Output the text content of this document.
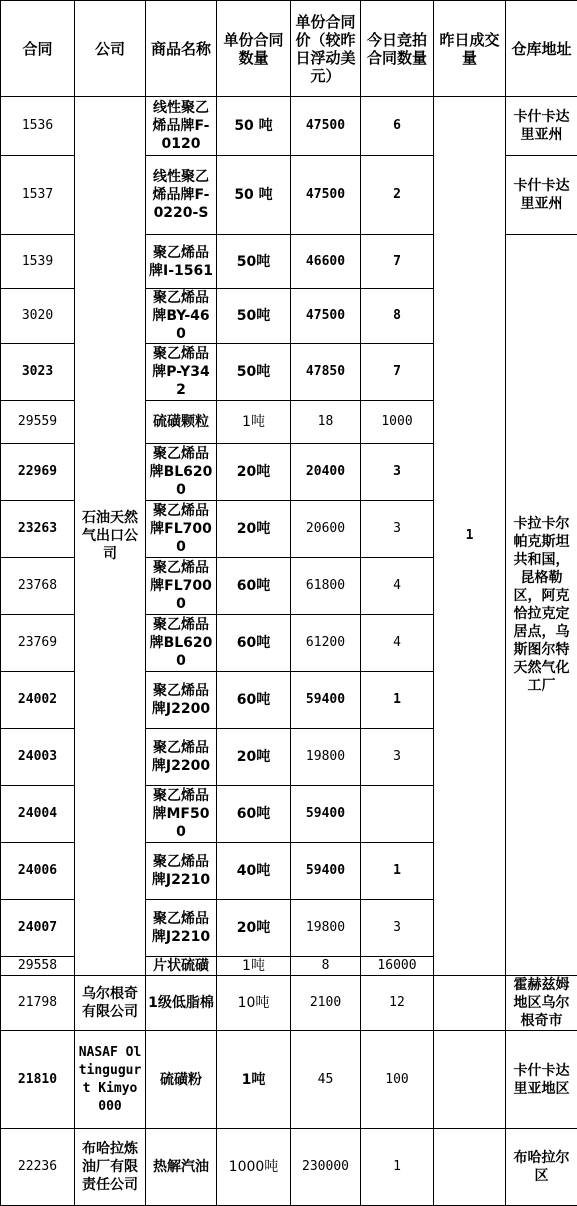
合同	公司	商品名称	单份合同数量	单份合同价（较昨日浮动美元）	今日竞拍合同数量	昨日成交量	仓库地址
1536	石油天然气出口公司	线性聚乙烯品牌F-0120	50 吨	47500	6	1	卡什卡达里亚州
1537		线性聚乙烯品牌F-0220-S	50 吨	47500	2		卡什卡达里亚州
1539		聚乙烯品牌I-1561	50吨	46600	7		卡拉卡尔帕克斯坦共和国，昆格勒区，阿克恰拉克定居点，乌斯图尔特天然气化工厂
3020		聚乙烯品牌BY-460	50吨	47500	8		
3023		聚乙烯品牌P-Y342	50吨	47850	7		
29559		硫磺颗粒	1吨	18	1000		
22969		聚乙烯品牌BL6200	20吨	20400	3		
23263		聚乙烯品牌FL7000	20吨	20600	3		
23768		聚乙烯品牌FL7000	60吨	61800	4		
23769		聚乙烯品牌BL6200	60吨	61200	4		
24002		聚乙烯品牌J2200	60吨	59400	1		
24003		聚乙烯品牌J2200	20吨	19800	3		
24004		聚乙烯品牌MF500	60吨	59400			
24006		聚乙烯品牌J2210	40吨	59400	1		
24007		聚乙烯品牌J2210	20吨	19800	3		
29558		片状硫磺	1吨	8	16000		
21798	乌尔根奇有限公司	1级低脂棉	10吨	2100	12		霍赫兹姆地区乌尔根奇市
21810	NASAF Oltingugurt Kimyo 000	硫磺粉	1吨	45	100		卡什卡达里亚地区
22236	布哈拉炼油厂有限责任公司	热解汽油	1000吨	230000	1		布哈拉尔区
